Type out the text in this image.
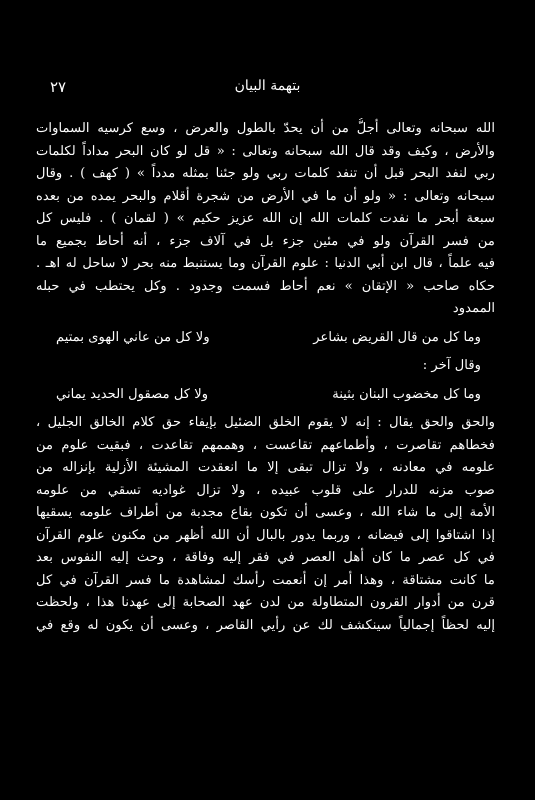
٢٧	بتهمة البيان
الله سبحانه وتعالى أجلُّ من أن يحدّ بالطول والعرض ، وسع كرسيه السماوات
والأرض ، وكيف وقد قال الله سبحانه وتعالى : « قل لو كان البحر مداداً لكلمات
ربي لنفد البحر قبل أن تنفد كلمات ربي ولو جئنا بمثله مدداً » ( كهف ) . وقال
سبحانه وتعالى : « ولو أن ما في الأرض من شجرة أقلام والبحر يمده من بعده
سبعة أبحر ما نفدت كلمات الله إن الله عزيز حكيم » ( لقمان ) . فليس كل
من فسر القرآن ولو في مئين جزء بل في آلاف جزء ، أنه أحاط بجميع ما
فيه علماً ، قال ابن أبي الدنيا : علوم القرآن وما يستنبط منه بحر لا ساحل له اهـ .
حكاه صاحب « الإتقان » نعم أحاط فسمت وجدود . وكل يحتطب في حبله
الممدود
وما كل من قال القريض بشاعر
ولا كل من عاني الهوى بمتيم
وقال آخر :
وما كل مخضوب البنان بثينة
ولا كل مصقول الحديد يماني
والحق والحق يقال : إنه لا يقوم الخلق الضئيل بإيفاء حق كلام الخالق الجليل ،
فخطاهم تقاصرت ، وأطماعهم تقاعست ، وهممهم تقاعدت ، فبقيت علوم من
علومه في معادنه ، ولا تزال تبقى إلا ما انعقدت المشيئة الأزلية بإنزاله من
صوب مزنه للدرار على قلوب عبيده ، ولا تزال غواديه تسقي من علومه
الأمة إلى ما شاء الله ، وعسى أن تكون بقاع مجدبة من أطراف علومه يسقيها
إذا اشتاقوا إلى فيضانه ، وربما يدور بالبال أن الله أظهر من مكنون علوم القرآن
في كل عصر ما كان أهل العصر في فقر إليه وفاقة ، وحث إليه النفوس بعد
ما كانت مشتاقة ، وهذا أمر إن أنعمت رأسك لمشاهدة ما فسر القرآن في كل
قرن من أدوار القرون المتطاولة من لدن عهد الصحابة إلى عهدنا هذا ، ولحظت
إليه لحظاً إجمالياً سينكشف لك عن رأيي القاصر ، وعسى أن يكون له وقع في
